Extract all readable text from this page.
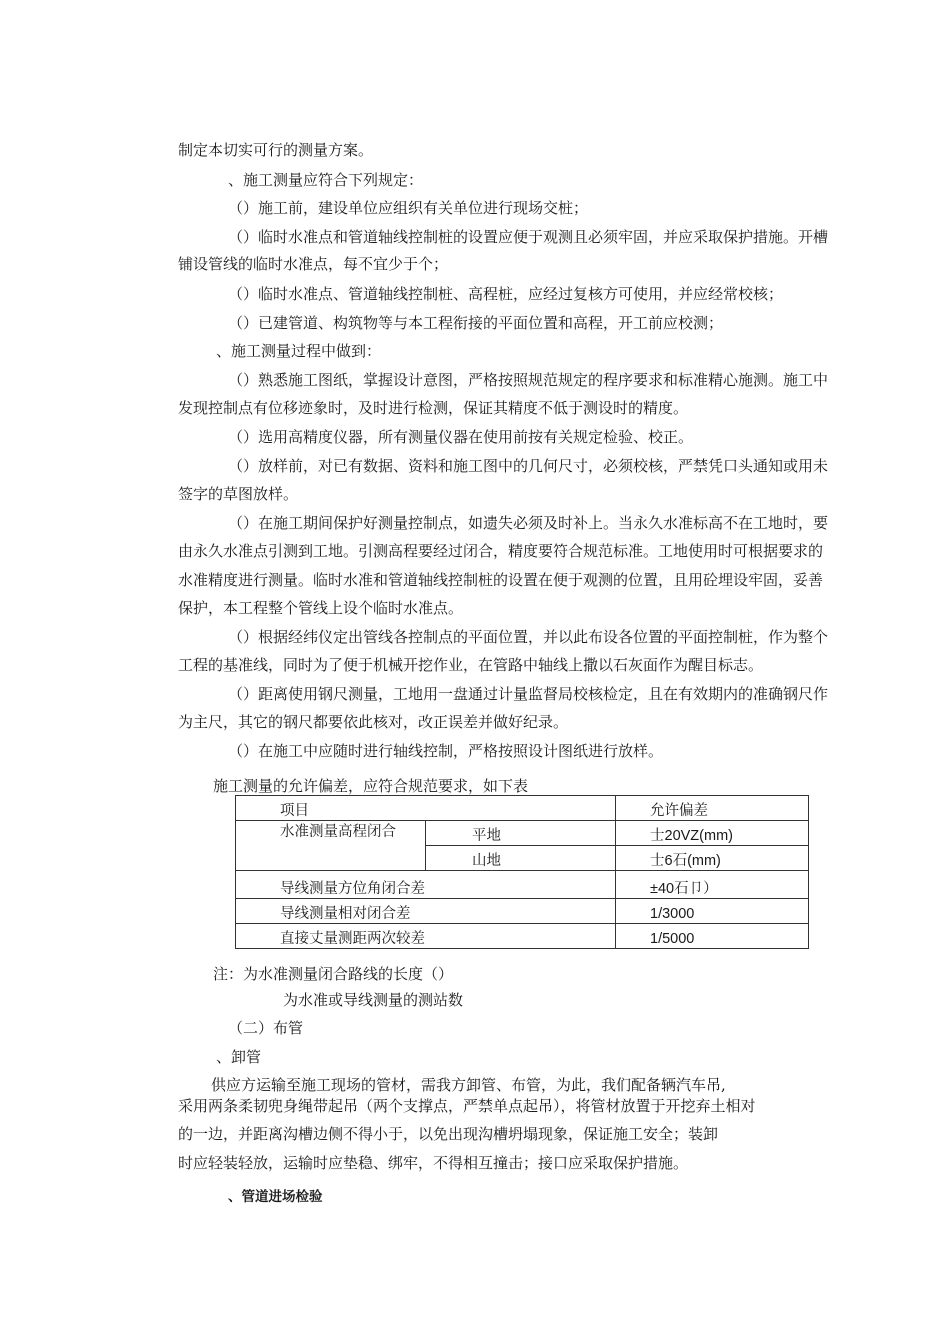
制定本切实可行的测量方案。
、施工测量应符合下列规定：
（）施工前，建设单位应组织有关单位进行现场交桩；
（）临时水准点和管道轴线控制桩的设置应便于观测且必须牢固，并应采取保护措施。开槽
铺设管线的临时水准点，每不宜少于个；
（）临时水准点、管道轴线控制桩、高程桩，应经过复核方可使用，并应经常校核；
（）已建管道、构筑物等与本工程衔接的平面位置和高程，开工前应校测；
、施工测量过程中做到：
（）熟悉施工图纸，掌握设计意图，严格按照规范规定的程序要求和标准精心施测。施工中
发现控制点有位移迹象时，及时进行检测，保证其精度不低于测设时的精度。
（）选用高精度仪器，所有测量仪器在使用前按有关规定检验、校正。
（）放样前，对已有数据、资料和施工图中的几何尺寸，必须校核，严禁凭口头通知或用未
签字的草图放样。
（）在施工期间保护好测量控制点，如遗失必须及时补上。当永久水准标高不在工地时，要
由永久水准点引测到工地。引测高程要经过闭合，精度要符合规范标准。工地使用时可根据要求的
水准精度进行测量。临时水准和管道轴线控制桩的设置在便于观测的位置，且用砼埋设牢固，妥善
保护，本工程整个管线上设个临时水准点。
（）根据经纬仪定出管线各控制点的平面位置，并以此布设各位置的平面控制桩，作为整个
工程的基准线，同时为了便于机械开挖作业，在管路中轴线上撒以石灰面作为醒目标志。
（）距离使用钢尺测量，工地用一盘通过计量监督局校核检定，且在有效期内的准确钢尺作
为主尺，其它的钢尺都要依此核对，改正误差并做好纪录。
（）在施工中应随时进行轴线控制，严格按照设计图纸进行放样。
施工测量的允许偏差，应符合规范要求，如下表
项目		允许偏差
水准测量高程闭合	平地	士20VZ(mm)
	山地	士6石(mm)
导线测量方位角闭合差		±40石卩）
导线测量相对闭合差		1/3000
直接丈量测距两次较差		1/5000
注：为水准测量闭合路线的长度（）
为水准或导线测量的测站数
（二）布管
、卸管
供应方运输至施工现场的管材，需我方卸管、布管，为此，我们配备辆汽车吊,
采用两条柔韧兜身绳带起吊（两个支撑点，严禁单点起吊），将管材放置于开挖弃土相对
的一边，并距离沟槽边侧不得小于，以免出现沟槽坍塌现象，保证施工安全；装卸
时应轻装轻放，运输时应垫稳、绑牢，不得相互撞击；接口应采取保护措施。
、管道进场检验
